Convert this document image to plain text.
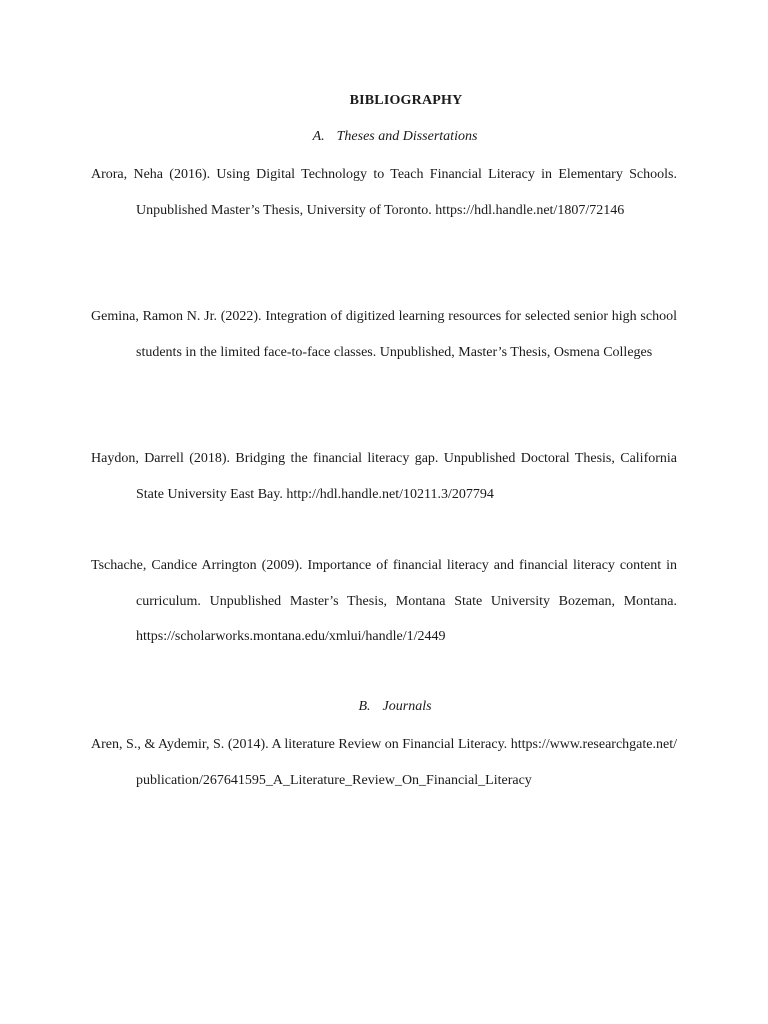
BIBLIOGRAPHY
A. Theses and Dissertations
Arora, Neha (2016). Using Digital Technology to Teach Financial Literacy in Elementary Schools. Unpublished Master’s Thesis, University of Toronto. https://hdl.handle.net/1807/72146
Gemina, Ramon N. Jr. (2022). Integration of digitized learning resources for selected senior high school students in the limited face-to-face classes. Unpublished, Master’s Thesis, Osmena Colleges
Haydon, Darrell (2018). Bridging the financial literacy gap. Unpublished Doctoral Thesis, California State University East Bay. http://hdl.handle.net/10211.3/207794
Tschache, Candice Arrington (2009). Importance of financial literacy and financial literacy content in curriculum. Unpublished Master’s Thesis, Montana State University Bozeman, Montana. https://scholarworks.montana.edu/xmlui/handle/1/2449
B. Journals
Aren, S., & Aydemir, S. (2014). A literature Review on Financial Literacy. https://www.researchgate.net/publication/267641595_A_Literature_Review_On_Financial_Literacy
